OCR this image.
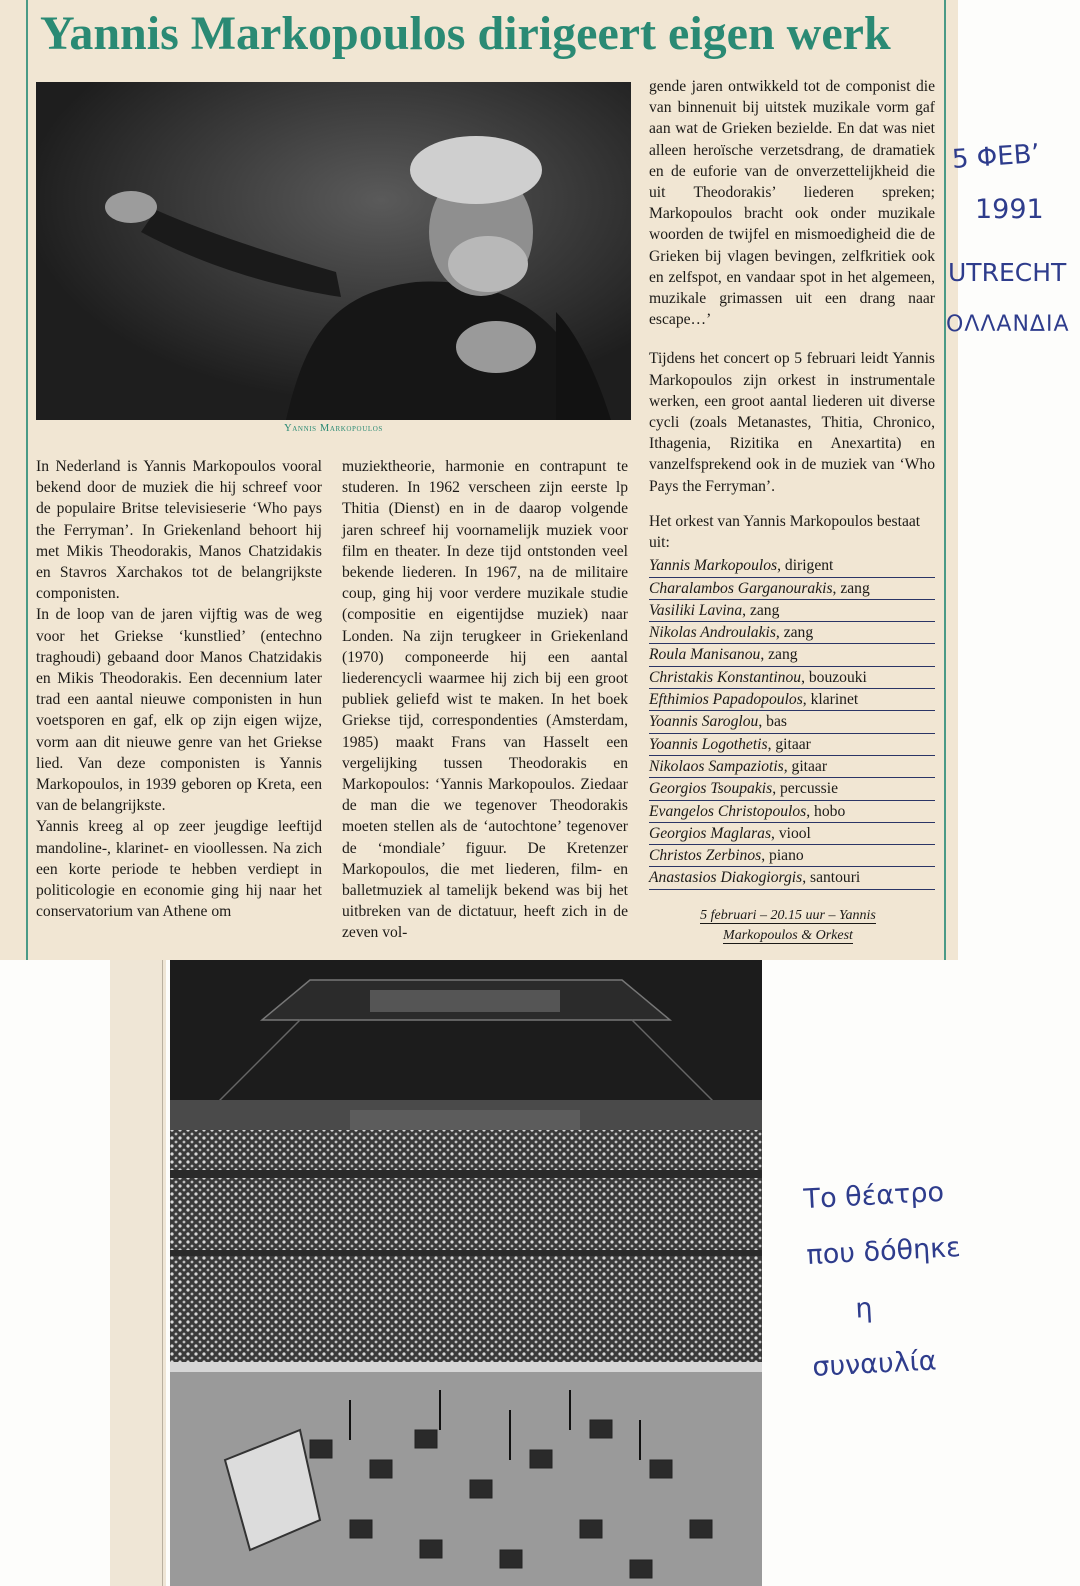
Yannis Markopoulos dirigeert eigen werk
Yannis Markopoulos

In Nederland is Yannis Markopoulos vooral bekend door de muziek die hij schreef voor de populaire Britse televisieserie ‘Who pays the Ferryman’. In Griekenland behoort hij met Mikis Theodorakis, Manos Chatzidakis en Stavros Xarchakos tot de belangrijkste componisten.

In de loop van de jaren vijftig was de weg voor het Griekse ‘kunstlied’ (entechno traghoudi) gebaand door Manos Chatzidakis en Mikis Theodorakis. Een decennium later trad een aantal nieuwe componisten in hun voetsporen en gaf, elk op zijn eigen wijze, vorm aan dit nieuwe genre van het Griekse lied. Van deze componisten is Yannis Markopoulos, in 1939 geboren op Kreta, een van de belangrijkste.

Yannis kreeg al op zeer jeugdige leeftijd mandoline-, klarinet- en vioollessen. Na zich een korte periode te hebben verdiept in politicologie en economie ging hij naar het conservatorium van Athene om

muziektheorie, harmonie en contrapunt te studeren. In 1962 verscheen zijn eerste lp Thitia (Dienst) en in de daarop volgende jaren schreef hij voornamelijk muziek voor film en theater. In deze tijd ontstonden veel bekende liederen. In 1967, na de militaire coup, ging hij voor verdere muzikale studie (compositie en eigentijdse muziek) naar Londen. Na zijn terugkeer in Griekenland (1970) componeerde hij een aantal liederencycli waarmee hij zich bij een groot publiek geliefd wist te maken. In het boek Griekse tijd, correspondenties (Amsterdam, 1985) maakt Frans van Hasselt een vergelijking tussen Theodorakis en Markopoulos: ‘Yannis Markopoulos. Ziedaar de man die we tegenover Theodorakis moeten stellen als de ‘autochtone’ tegenover de ‘mondiale’ figuur. De Kretenzer Markopoulos, die met liederen, film- en balletmuziek al tamelijk bekend was bij het uitbreken van de dictatuur, heeft zich in de zeven vol-

gende jaren ontwikkeld tot de componist die van binnenuit bij uitstek muzikale vorm gaf aan wat de Grieken bezielde. En dat was niet alleen heroïsche verzetsdrang, de dramatiek en de euforie van de onverzettelijkheid die uit Theodorakis’ liederen spreken; Markopoulos bracht ook onder muzikale woorden de twijfel en mismoedigheid die de Grieken bij vlagen bevingen, zelfkritiek ook en zelfspot, en vandaar spot in het algemeen, muzikale grimassen uit een drang naar escape…’

Tijdens het concert op 5 februari leidt Yannis Markopoulos zijn orkest in instrumentale werken, een groot aantal liederen uit diverse cycli (zoals Metanastes, Thitia, Chronico, Ithagenia, Rizitika en Anexartita) en vanzelfsprekend ook in de muziek van ‘Who Pays the Ferryman’.

Het orkest van Yannis Markopoulos bestaat uit:

Yannis Markopoulos, dirigent
Charalambos Garganourakis, zang
Vasiliki Lavina, zang
Nikolas Androulakis, zang
Roula Manisanou, zang
Christakis Konstantinou, bouzouki
Efthimios Papadopoulos, klarinet
Yoannis Saroglou, bas
Yoannis Logothetis, gitaar
Nikolaos Sampaziotis, gitaar
Georgios Tsoupakis, percussie
Evangelos Christopoulos, hobo
Georgios Maglaras, viool
Christos Zerbinos, piano
Anastasios Diakogiorgis, santouri
5 februari – 20.15 uur – Yannis
Markopoulos & Orkest
5 ΦΕΒ’
1991
UTRECHT
ΟΛΛΑΝΔΙΑ
Το θέατρο
που δόθηκε
η
συναυλία
